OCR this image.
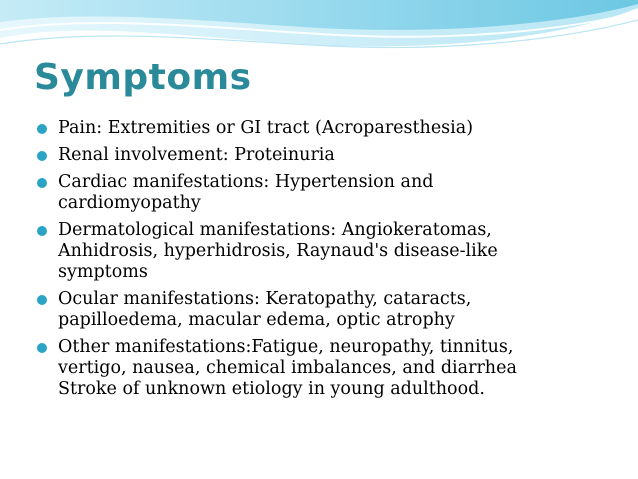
Symptoms
Pain: Extremities or GI tract (Acroparesthesia)
Renal involvement: Proteinuria
Cardiac manifestations: Hypertension and
cardiomyopathy
Dermatological manifestations: Angiokeratomas,
Anhidrosis, hyperhidrosis, Raynaud's disease-like
symptoms
Ocular manifestations: Keratopathy, cataracts,
papilloedema, macular edema, optic atrophy
Other manifestations:Fatigue, neuropathy, tinnitus,
vertigo, nausea, chemical imbalances, and diarrhea
Stroke of unknown etiology in young adulthood.
